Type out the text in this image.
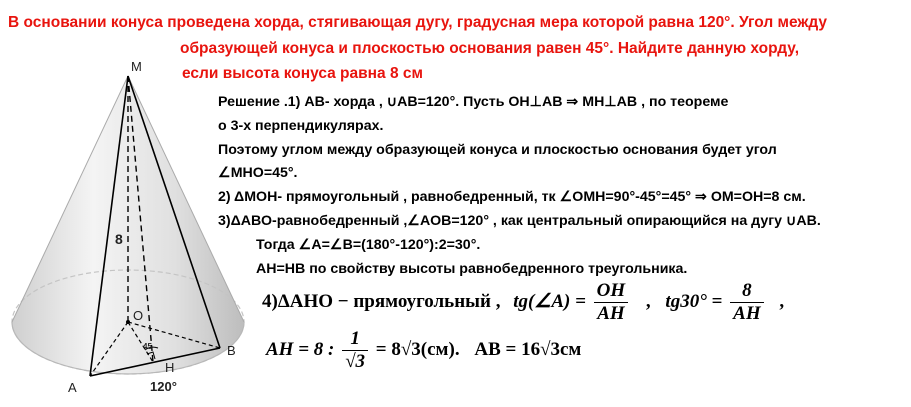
В основании конуса проведена хорда, стягивающая дугу, градусная мера которой равна 120°. Угол между
образующей конуса и плоскостью основания равен 45°. Найдите данную хорду,
если высота конуса равна 8 см
M
O
H
A
B
8
45
120°
Решение .1) АВ- хорда , ∪АВ=120°. Пусть ОН⊥АВ ⇒ МН⊥АВ , по теореме
о 3-х перпендикулярах.
Поэтому углом между образующей конуса и плоскостью основания будет угол
∠МНО=45°.
2) ΔМОН- прямоугольный , равнобедренный, тк ∠ОМН=90°-45°=45° ⇒ ОМ=ОН=8 см.
3)ΔАВО-равнобедренный ,∠АОВ=120° , как центральный опирающийся на дугу ∪АВ.
Тогда ∠А=∠В=(180°-120°):2=30°.
АН=НВ по свойству высоты равнобедренного треугольника.
4)ΔАНО − прямоугольный , tg(∠A) = $\frac{OH}{AH}$ , $tg30^\circ = \frac{8}{AH}$ ,
AH = 8 : $\frac{1}{√3} = 8√3(см)$. AB = 16√3см
